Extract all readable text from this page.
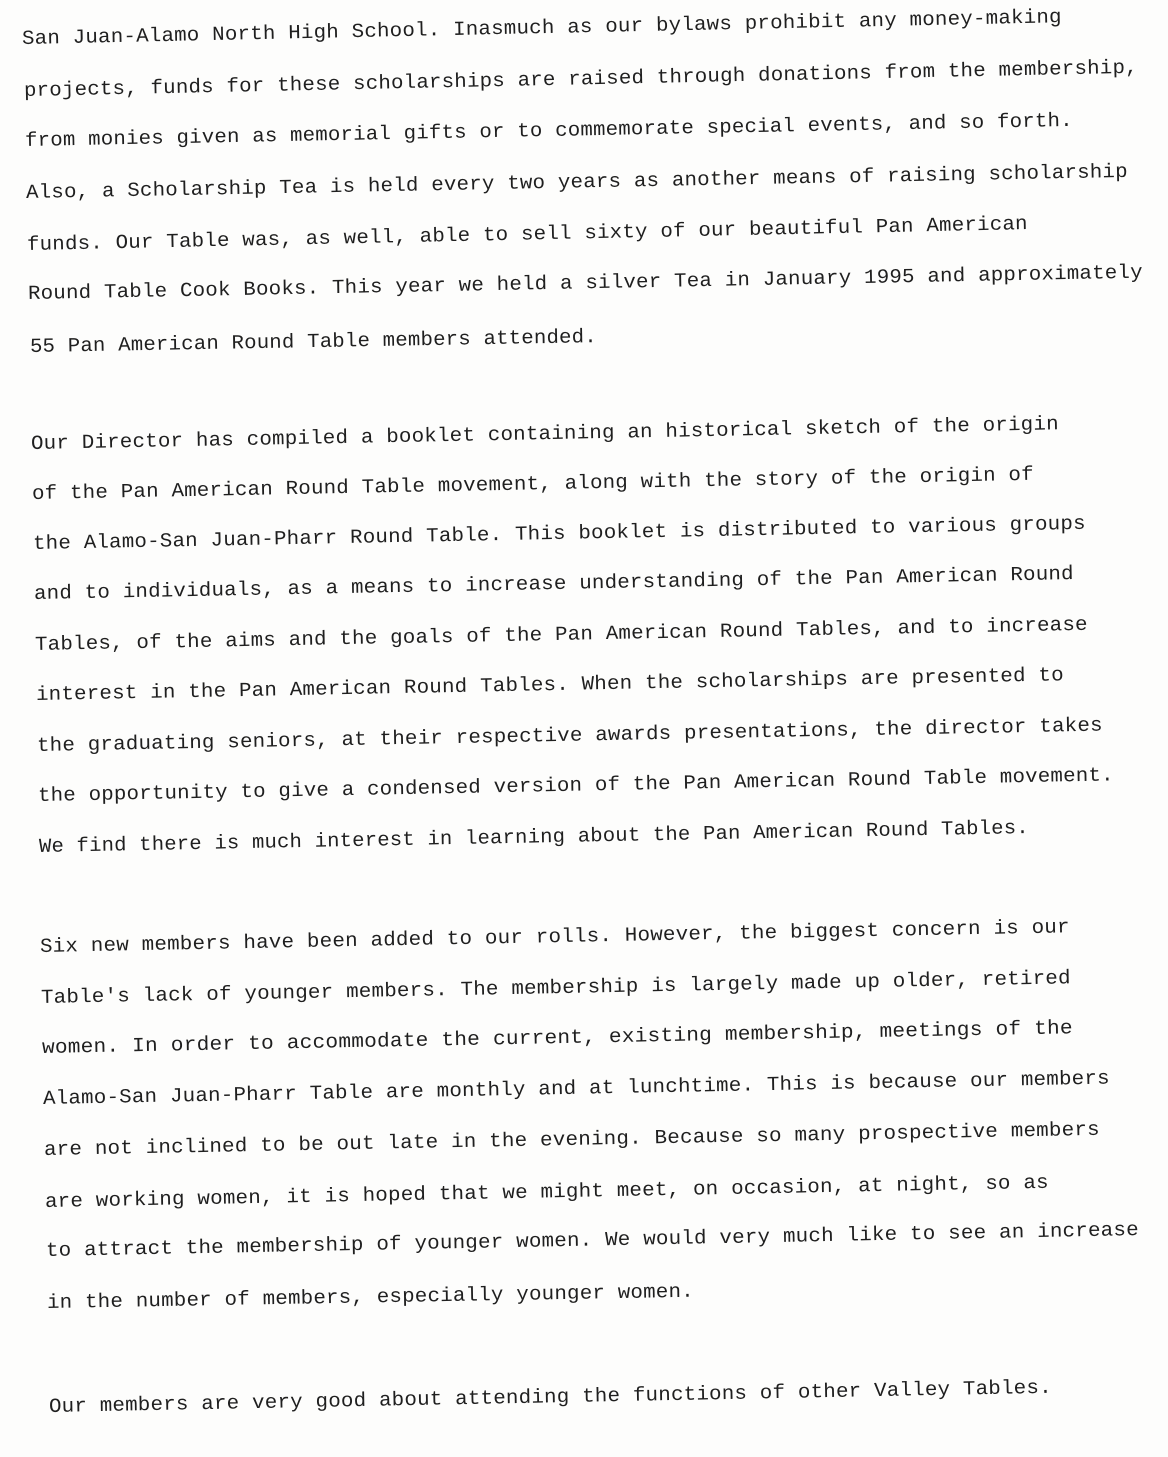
San Juan-Alamo North High School. Inasmuch as our bylaws prohibit any money-making
projects, funds for these scholarships are raised through donations from the membership,
from monies given as memorial gifts or to commemorate special events, and so forth.
Also, a Scholarship Tea is held every two years as another means of raising scholarship
funds. Our Table was, as well, able to sell sixty of our beautiful Pan American
Round Table Cook Books. This year we held a silver Tea in January 1995 and approximately
55 Pan American Round Table members attended.
Our Director has compiled a booklet containing an historical sketch of the origin
of the Pan American Round Table movement, along with the story of the origin of
the Alamo-San Juan-Pharr Round Table. This booklet is distributed to various groups
and to individuals, as a means to increase understanding of the Pan American Round
Tables, of the aims and the goals of the Pan American Round Tables, and to increase
interest in the Pan American Round Tables. When the scholarships are presented to
the graduating seniors, at their respective awards presentations, the director takes
the opportunity to give a condensed version of the Pan American Round Table movement.
We find there is much interest in learning about the Pan American Round Tables.
Six new members have been added to our rolls. However, the biggest concern is our
Table's lack of younger members. The membership is largely made up older, retired
women. In order to accommodate the current, existing membership, meetings of the
Alamo-San Juan-Pharr Table are monthly and at lunchtime. This is because our members
are not inclined to be out late in the evening. Because so many prospective members
are working women, it is hoped that we might meet, on occasion, at night, so as
to attract the membership of younger women. We would very much like to see an increase
in the number of members, especially younger women.
Our members are very good about attending the functions of other Valley Tables.
